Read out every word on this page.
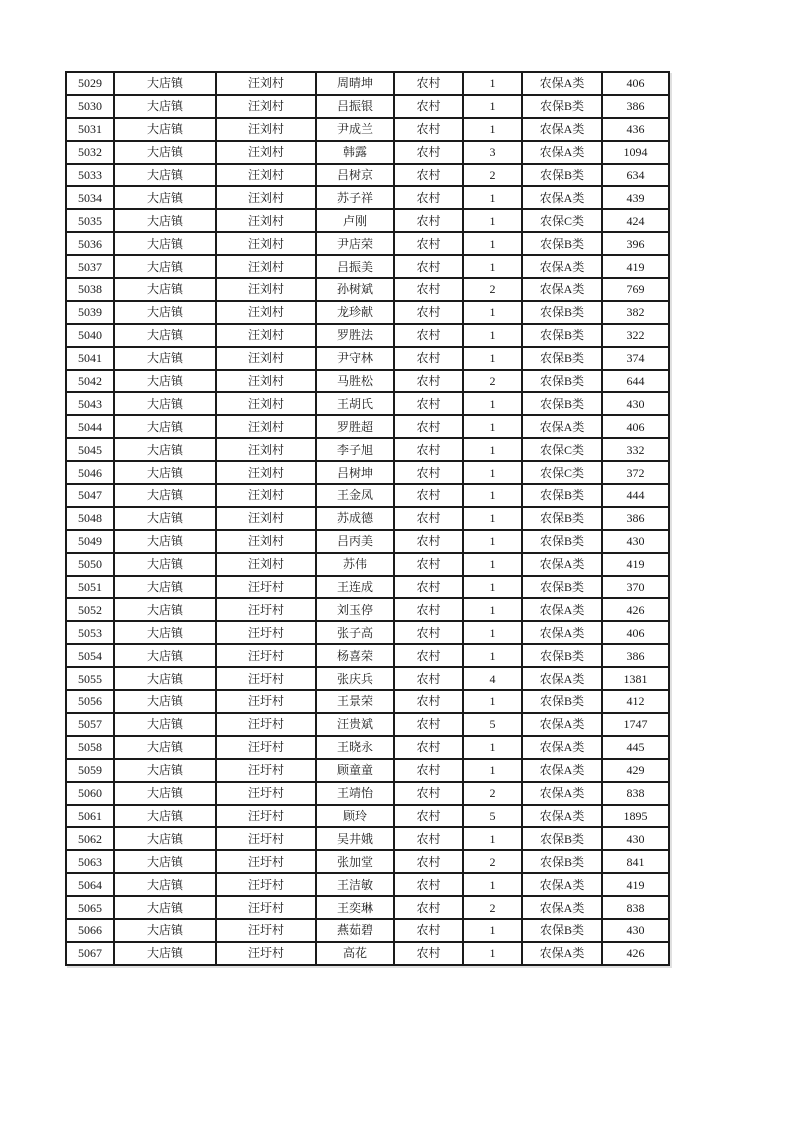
5029	大店镇	汪刘村	周晴坤	农村	1	农保A类	406
5030	大店镇	汪刘村	吕振银	农村	1	农保B类	386
5031	大店镇	汪刘村	尹成兰	农村	1	农保A类	436
5032	大店镇	汪刘村	韩露	农村	3	农保A类	1094
5033	大店镇	汪刘村	吕树京	农村	2	农保B类	634
5034	大店镇	汪刘村	苏子祥	农村	1	农保A类	439
5035	大店镇	汪刘村	卢刚	农村	1	农保C类	424
5036	大店镇	汪刘村	尹店荣	农村	1	农保B类	396
5037	大店镇	汪刘村	吕振美	农村	1	农保A类	419
5038	大店镇	汪刘村	孙树斌	农村	2	农保A类	769
5039	大店镇	汪刘村	龙珍献	农村	1	农保B类	382
5040	大店镇	汪刘村	罗胜法	农村	1	农保B类	322
5041	大店镇	汪刘村	尹守林	农村	1	农保B类	374
5042	大店镇	汪刘村	马胜松	农村	2	农保B类	644
5043	大店镇	汪刘村	王胡氏	农村	1	农保B类	430
5044	大店镇	汪刘村	罗胜超	农村	1	农保A类	406
5045	大店镇	汪刘村	李子旭	农村	1	农保C类	332
5046	大店镇	汪刘村	吕树坤	农村	1	农保C类	372
5047	大店镇	汪刘村	王金凤	农村	1	农保B类	444
5048	大店镇	汪刘村	苏成德	农村	1	农保B类	386
5049	大店镇	汪刘村	吕丙美	农村	1	农保B类	430
5050	大店镇	汪刘村	苏伟	农村	1	农保A类	419
5051	大店镇	汪圩村	王连成	农村	1	农保B类	370
5052	大店镇	汪圩村	刘玉停	农村	1	农保A类	426
5053	大店镇	汪圩村	张子高	农村	1	农保A类	406
5054	大店镇	汪圩村	杨喜荣	农村	1	农保B类	386
5055	大店镇	汪圩村	张庆兵	农村	4	农保A类	1381
5056	大店镇	汪圩村	王景荣	农村	1	农保B类	412
5057	大店镇	汪圩村	汪贵斌	农村	5	农保A类	1747
5058	大店镇	汪圩村	王晓永	农村	1	农保A类	445
5059	大店镇	汪圩村	顾童童	农村	1	农保A类	429
5060	大店镇	汪圩村	王靖怡	农村	2	农保A类	838
5061	大店镇	汪圩村	顾玲	农村	5	农保A类	1895
5062	大店镇	汪圩村	吴井娥	农村	1	农保B类	430
5063	大店镇	汪圩村	张加堂	农村	2	农保B类	841
5064	大店镇	汪圩村	王洁敏	农村	1	农保A类	419
5065	大店镇	汪圩村	王奕琳	农村	2	农保A类	838
5066	大店镇	汪圩村	燕茹碧	农村	1	农保B类	430
5067	大店镇	汪圩村	高花	农村	1	农保A类	426
